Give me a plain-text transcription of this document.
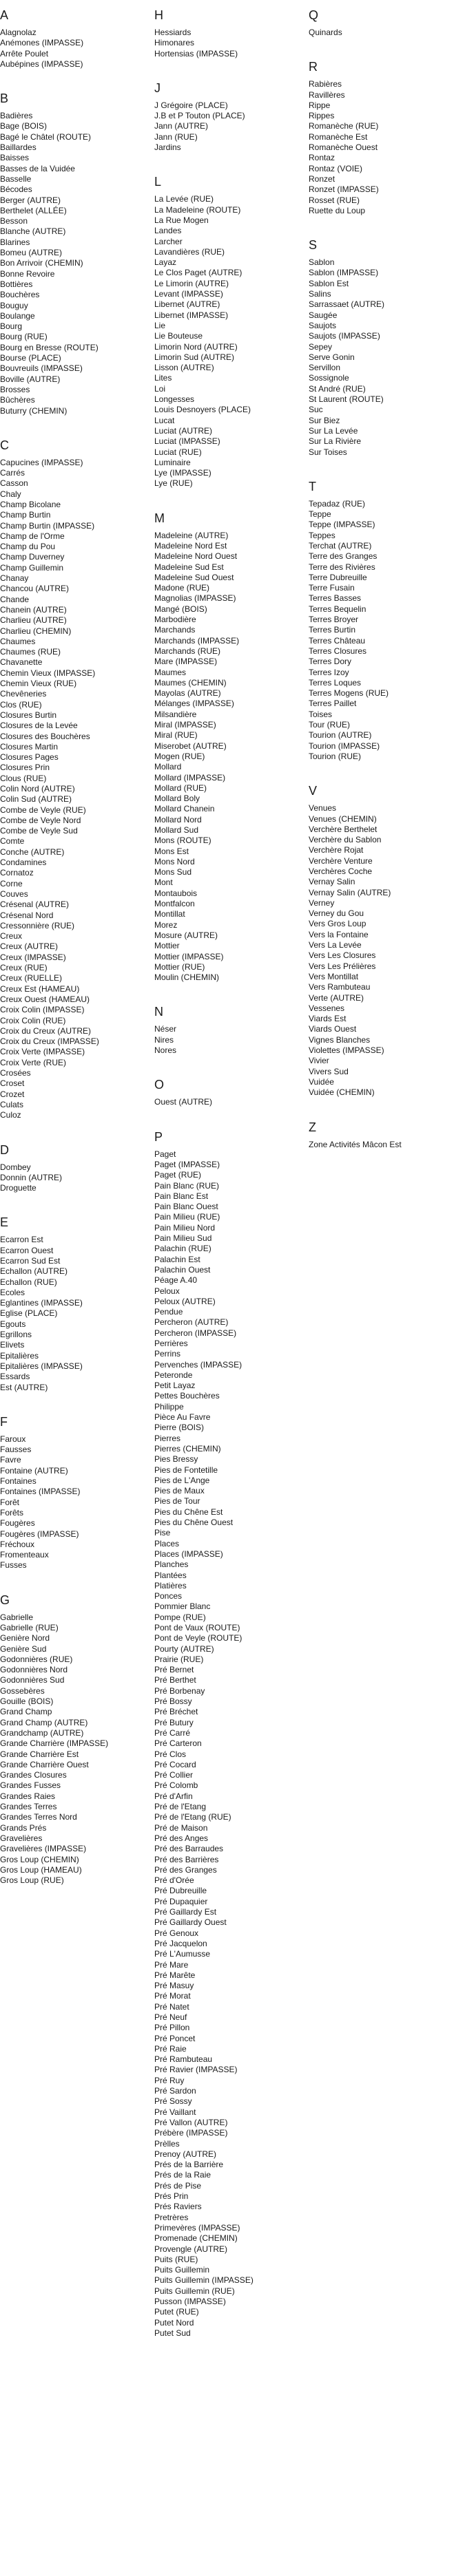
A
Alagnolaz
Anémones (IMPASSE)
Arrête Poulet
Aubépines (IMPASSE)
B
Badières
Bage (BOIS)
Bagé le Châtel (ROUTE)
Baillardes
Baisses
Basses de la Vuidée
Basselle
Bécodes
Berger (AUTRE)
Berthelet (ALLÉE)
Besson
Blanche (AUTRE)
Blarines
Bomeu (AUTRE)
Bon Arrivoir (CHEMIN)
Bonne Revoire
Bottières
Bouchères
Bouguy
Boulange
Bourg
Bourg (RUE)
Bourg en Bresse (ROUTE)
Bourse (PLACE)
Bouvreuils (IMPASSE)
Boville (AUTRE)
Brosses
Bûchères
Buturry (CHEMIN)
C
Capucines (IMPASSE)
Carrés
Casson
Chaly
Champ Bicolane
Champ Burtin
Champ Burtin (IMPASSE)
Champ de l'Orme
Champ du Pou
Champ Duverney
Champ Guillemin
Chanay
Chancou (AUTRE)
Chande
Chanein (AUTRE)
Charlieu (AUTRE)
Charlieu (CHEMIN)
Chaumes
Chaumes (RUE)
Chavanette
Chemin Vieux (IMPASSE)
Chemin Vieux (RUE)
Chevêneries
Clos (RUE)
Closures Burtin
Closures de la Levée
Closures des Bouchères
Closures Martin
Closures Pages
Closures Prin
Clous (RUE)
Colin Nord (AUTRE)
Colin Sud (AUTRE)
Combe de Veyle (RUE)
Combe de Veyle Nord
Combe de Veyle Sud
Comte
Conche (AUTRE)
Condamines
Cornatoz
Corne
Couves
Crésenal (AUTRE)
Crésenal Nord
Cressonnière (RUE)
Creux
Creux (AUTRE)
Creux (IMPASSE)
Creux (RUE)
Creux (RUELLE)
Creux Est (HAMEAU)
Creux Ouest (HAMEAU)
Croix Colin (IMPASSE)
Croix Colin (RUE)
Croix du Creux (AUTRE)
Croix du Creux (IMPASSE)
Croix Verte (IMPASSE)
Croix Verte (RUE)
Crosées
Croset
Crozet
Culats
Culoz
D
Dombey
Donnin (AUTRE)
Droguette
E
Ecarron Est
Ecarron Ouest
Ecarron Sud Est
Echallon (AUTRE)
Echallon (RUE)
Ecoles
Eglantines (IMPASSE)
Eglise (PLACE)
Egouts
Egrillons
Elivets
Epitalières
Epitalières (IMPASSE)
Essards
Est (AUTRE)
F
Faroux
Fausses
Favre
Fontaine (AUTRE)
Fontaines
Fontaines (IMPASSE)
Forêt
Forêts
Fougères
Fougères (IMPASSE)
Fréchoux
Fromenteaux
Fusses
G
Gabrielle
Gabrielle (RUE)
Genière Nord
Genière Sud
Godonnières (RUE)
Godonnières Nord
Godonnières Sud
Gossebères
Gouille (BOIS)
Grand Champ
Grand Champ (AUTRE)
Grandchamp (AUTRE)
Grande Charrière (IMPASSE)
Grande Charrière Est
Grande Charrière Ouest
Grandes Closures
Grandes Fusses
Grandes Raies
Grandes Terres
Grandes Terres Nord
Grands Prés
Gravelières
Gravelières (IMPASSE)
Gros Loup (CHEMIN)
Gros Loup (HAMEAU)
Gros Loup (RUE)
H
Hessiards
Himonares
Hortensias (IMPASSE)
J
J Grégoire (PLACE)
J.B et P Touton (PLACE)
Jann (AUTRE)
Jann (RUE)
Jardins
L
La Levée (RUE)
La Madeleine (ROUTE)
La Rue Mogen
Landes
Larcher
Lavandières (RUE)
Layaz
Le Clos Paget (AUTRE)
Le Limorin (AUTRE)
Levant (IMPASSE)
Libernet (AUTRE)
Libernet (IMPASSE)
Lie
Lie Bouteuse
Limorin Nord (AUTRE)
Limorin Sud (AUTRE)
Lisson (AUTRE)
Lites
Loi
Longesses
Louis Desnoyers (PLACE)
Lucat
Luciat (AUTRE)
Luciat (IMPASSE)
Luciat (RUE)
Luminaire
Lye (IMPASSE)
Lye (RUE)
M
Madeleine (AUTRE)
Madeleine Nord Est
Madeleine Nord Ouest
Madeleine Sud Est
Madeleine Sud Ouest
Madone (RUE)
Magnolias (IMPASSE)
Mangé (BOIS)
Marbodière
Marchands
Marchands (IMPASSE)
Marchands (RUE)
Mare (IMPASSE)
Maumes
Maumes (CHEMIN)
Mayolas (AUTRE)
Mélanges (IMPASSE)
Milsandière
Miral (IMPASSE)
Miral (RUE)
Miserobet (AUTRE)
Mogen (RUE)
Mollard
Mollard (IMPASSE)
Mollard (RUE)
Mollard Boly
Mollard Chanein
Mollard Nord
Mollard Sud
Mons (ROUTE)
Mons Est
Mons Nord
Mons Sud
Mont
Montaubois
Montfalcon
Montillat
Morez
Mosure (AUTRE)
Mottier
Mottier (IMPASSE)
Mottier (RUE)
Moulin (CHEMIN)
N
Néser
Nires
Nores
O
Ouest (AUTRE)
P
Paget
Paget (IMPASSE)
Paget (RUE)
Pain Blanc (RUE)
Pain Blanc Est
Pain Blanc Ouest
Pain Milieu (RUE)
Pain Milieu Nord
Pain Milieu Sud
Palachin (RUE)
Palachin Est
Palachin Ouest
Péage A.40
Peloux
Peloux (AUTRE)
Pendue
Percheron (AUTRE)
Percheron (IMPASSE)
Perrières
Perrins
Pervenches (IMPASSE)
Peteronde
Petit Layaz
Pettes Bouchères
Philippe
Pièce Au Favre
Pierre (BOIS)
Pierres
Pierres (CHEMIN)
Pies Bressy
Pies de Fontetille
Pies de L'Ange
Pies de Maux
Pies de Tour
Pies du Chêne Est
Pies du Chêne Ouest
Pise
Places
Places (IMPASSE)
Planches
Plantées
Platières
Ponces
Pommier Blanc
Pompe (RUE)
Pont de Vaux (ROUTE)
Pont de Veyle (ROUTE)
Pourty (AUTRE)
Prairie (RUE)
Pré Bernet
Pré Berthet
Pré Borbenay
Pré Bossy
Pré Bréchet
Pré Butury
Pré Carré
Pré Carteron
Pré Clos
Pré Cocard
Pré Collier
Pré Colomb
Pré d'Arfin
Pré de l'Etang
Pré de l'Etang (RUE)
Pré de Maison
Pré des Anges
Pré des Barraudes
Pré des Barrières
Pré des Granges
Pré d'Orée
Pré Dubreuille
Pré Dupaquier
Pré Gaillardy Est
Pré Gaillardy Ouest
Pré Genoux
Pré Jacquelon
Pré L'Aumusse
Pré Mare
Pré Marête
Pré Masuy
Pré Morat
Pré Natet
Pré Neuf
Pré Pillon
Pré Poncet
Pré Raie
Pré Rambuteau
Pré Ravier (IMPASSE)
Pré Ruy
Pré Sardon
Pré Sossy
Pré Vaillant
Pré Vallon (AUTRE)
Prébère (IMPASSE)
Prèlles
Prenoy (AUTRE)
Prés de la Barrière
Prés de la Raie
Prés de Pise
Prés Prin
Prés Raviers
Pretrères
Primevères (IMPASSE)
Promenade (CHEMIN)
Provengle (AUTRE)
Puits (RUE)
Puits Guillemin
Puits Guillemin (IMPASSE)
Puits Guillemin (RUE)
Pusson (IMPASSE)
Putet (RUE)
Putet Nord
Putet Sud
Q
Quinards
R
Rabières
Ravillères
Rippe
Rippes
Romanèche (RUE)
Romanèche Est
Romanèche Ouest
Rontaz
Rontaz (VOIE)
Ronzet
Ronzet (IMPASSE)
Rosset (RUE)
Ruette du Loup
S
Sablon
Sablon (IMPASSE)
Sablon Est
Salins
Sarrassaet (AUTRE)
Saugée
Saujots
Saujots (IMPASSE)
Sepey
Serve Gonin
Servillon
Sossignole
St André (RUE)
St Laurent (ROUTE)
Suc
Sur Biez
Sur La Levée
Sur La Rivière
Sur Toises
T
Tepadaz (RUE)
Teppe
Teppe (IMPASSE)
Teppes
Terchat (AUTRE)
Terre des Granges
Terre des Rivières
Terre Dubreuille
Terre Fusain
Terres Basses
Terres Bequelin
Terres Broyer
Terres Burtin
Terres Château
Terres Closures
Terres Dory
Terres Izoy
Terres Loques
Terres Mogens (RUE)
Terres Paillet
Toises
Tour (RUE)
Tourion (AUTRE)
Tourion (IMPASSE)
Tourion (RUE)
V
Venues
Venues (CHEMIN)
Verchère Berthelet
Verchère du Sablon
Verchère Rojat
Verchère Venture
Verchères Coche
Vernay Salin
Vernay Salin (AUTRE)
Verney
Verney du Gou
Vers Gros Loup
Vers la Fontaine
Vers La Levée
Vers Les Closures
Vers Les Prélières
Vers Montillat
Vers Rambuteau
Verte (AUTRE)
Vessenes
Viards Est
Viards Ouest
Vignes Blanches
Violettes (IMPASSE)
Vivier
Vivers Sud
Vuidée
Vuidée (CHEMIN)
Z
Zone Activités Mâcon Est
